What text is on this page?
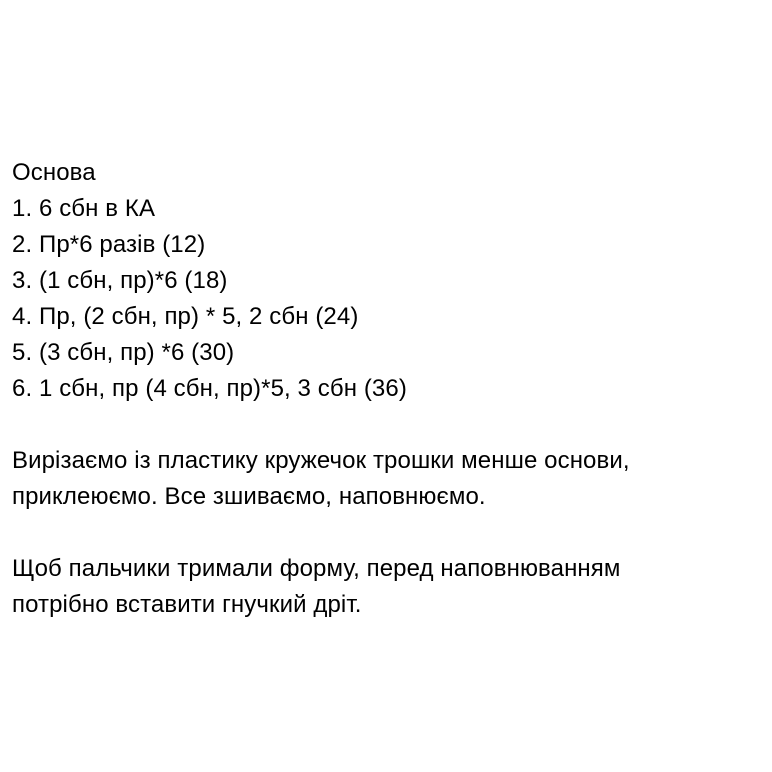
Основа
1. 6 сбн в КА
2. Пр*6 разів (12)
3. (1 сбн, пр)*6 (18)
4. Пр, (2 сбн, пр) * 5, 2 сбн (24)
5. (3 сбн, пр) *6 (30)
6. 1 сбн, пр (4 сбн, пр)*5, 3 сбн (36)
Вирізаємо із пластику кружечок трошки менше основи,
приклеюємо. Все зшиваємо, наповнюємо.
Щоб пальчики тримали форму, перед наповнюванням
потрібно вставити гнучкий дріт.
